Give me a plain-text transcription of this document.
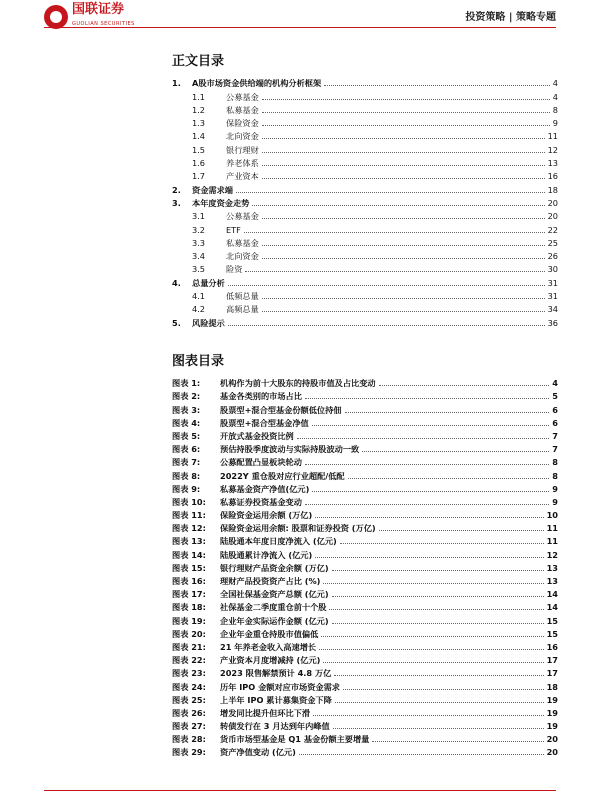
国联证券
GUOLIAN SECURITIES
投资策略 | 策略专题
正文目录
1.	A股市场资金供给端的机构分析框架	4
1.1	公募基金	4
1.2	私募基金	8
1.3	保险资金	9
1.4	北向资金	11
1.5	银行理财	12
1.6	养老体系	13
1.7	产业资本	16
2.	资金需求端	18
3.	本年度资金走势	20
3.1	公募基金	20
3.2	ETF	22
3.3	私募基金	25
3.4	北向资金	26
3.5	险资	30
4.	总量分析	31
4.1	低频总量	31
4.2	高频总量	34
5.	风险提示	36
图表目录
图表 1:	机构作为前十大股东的持股市值及占比变动	4
图表 2:	基金各类别的市场占比	5
图表 3:	股票型+混合型基金份额低位持佃	6
图表 4:	股票型+混合型基金净值	6
图表 5:	开放式基金投资比例	7
图表 6:	预估持股季度波动与实际持股波动一致	7
图表 7:	公募配置凸显板块轮动	8
图表 8:	2022Y 重仓股对应行业超配/低配	8
图表 9:	私募基金资产净值(亿元)	9
图表 10:	私募证券投资基金变动	9
图表 11:	保险资金运用余额 (万亿)	10
图表 12:	保险资金运用余额: 股票和证券投资 (万亿)	11
图表 13:	陆股通本年度日度净流入 (亿元)	11
图表 14:	陆股通累计净流入 (亿元)	12
图表 15:	银行理财产品资金余额 (万亿)	13
图表 16:	理财产品投资资产占比 (%)	13
图表 17:	全国社保基金资产总额 (亿元)	14
图表 18:	社保基金二季度重仓前十个股	14
图表 19:	企业年金实际运作金额 (亿元)	15
图表 20:	企业年金重仓持股市值偏低	15
图表 21:	21 年养老金收入高速增长	16
图表 22:	产业资本月度增减持 (亿元)	17
图表 23:	2023 限售解禁预计 4.8 万亿	17
图表 24:	历年 IPO 金额对应市场资金需求	18
图表 25:	上半年 IPO 累计募集资金下降	19
图表 26:	增发同比提升但环比下滑	19
图表 27:	转债发行在 3 月达到年内峰值	19
图表 28:	货币市场型基金是 Q1 基金份额主要增量	20
图表 29:	资产净值变动 (亿元)	20
